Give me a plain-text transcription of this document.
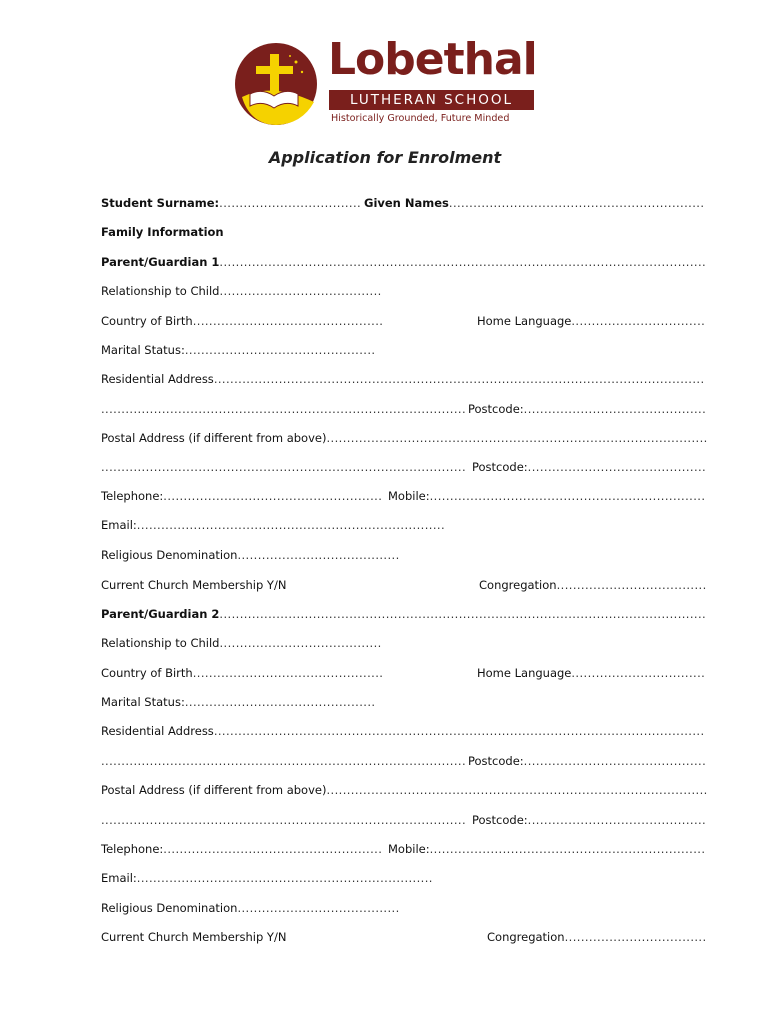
Lobethal
LUTHERAN SCHOOL
Historically Grounded, Future Minded
Application for Enrolment
Student Surname:................................... Given Names...............................................................
Family Information
Parent/Guardian 1........................................................................................................................
Relationship to Child........................................
Country of Birth...............................................	Home Language.................................
Marital Status:...............................................
Residential Address.........................................................................................................................
.......................................................................................... Postcode:.............................................
Postal Address (if different from above)..............................................................................................
.......................................................................................... Postcode:............................................
Telephone:...................................................... Mobile:....................................................................
Email:............................................................................
Religious Denomination........................................
Current Church Membership Y/N	Congregation.....................................
Parent/Guardian 2........................................................................................................................
Relationship to Child........................................
Country of Birth...............................................	Home Language.................................
Marital Status:...............................................
Residential Address.........................................................................................................................
.......................................................................................... Postcode:.............................................
Postal Address (if different from above)..............................................................................................
.......................................................................................... Postcode:............................................
Telephone:...................................................... Mobile:....................................................................
Email:.........................................................................
Religious Denomination........................................
Current Church Membership Y/N	Congregation...................................
